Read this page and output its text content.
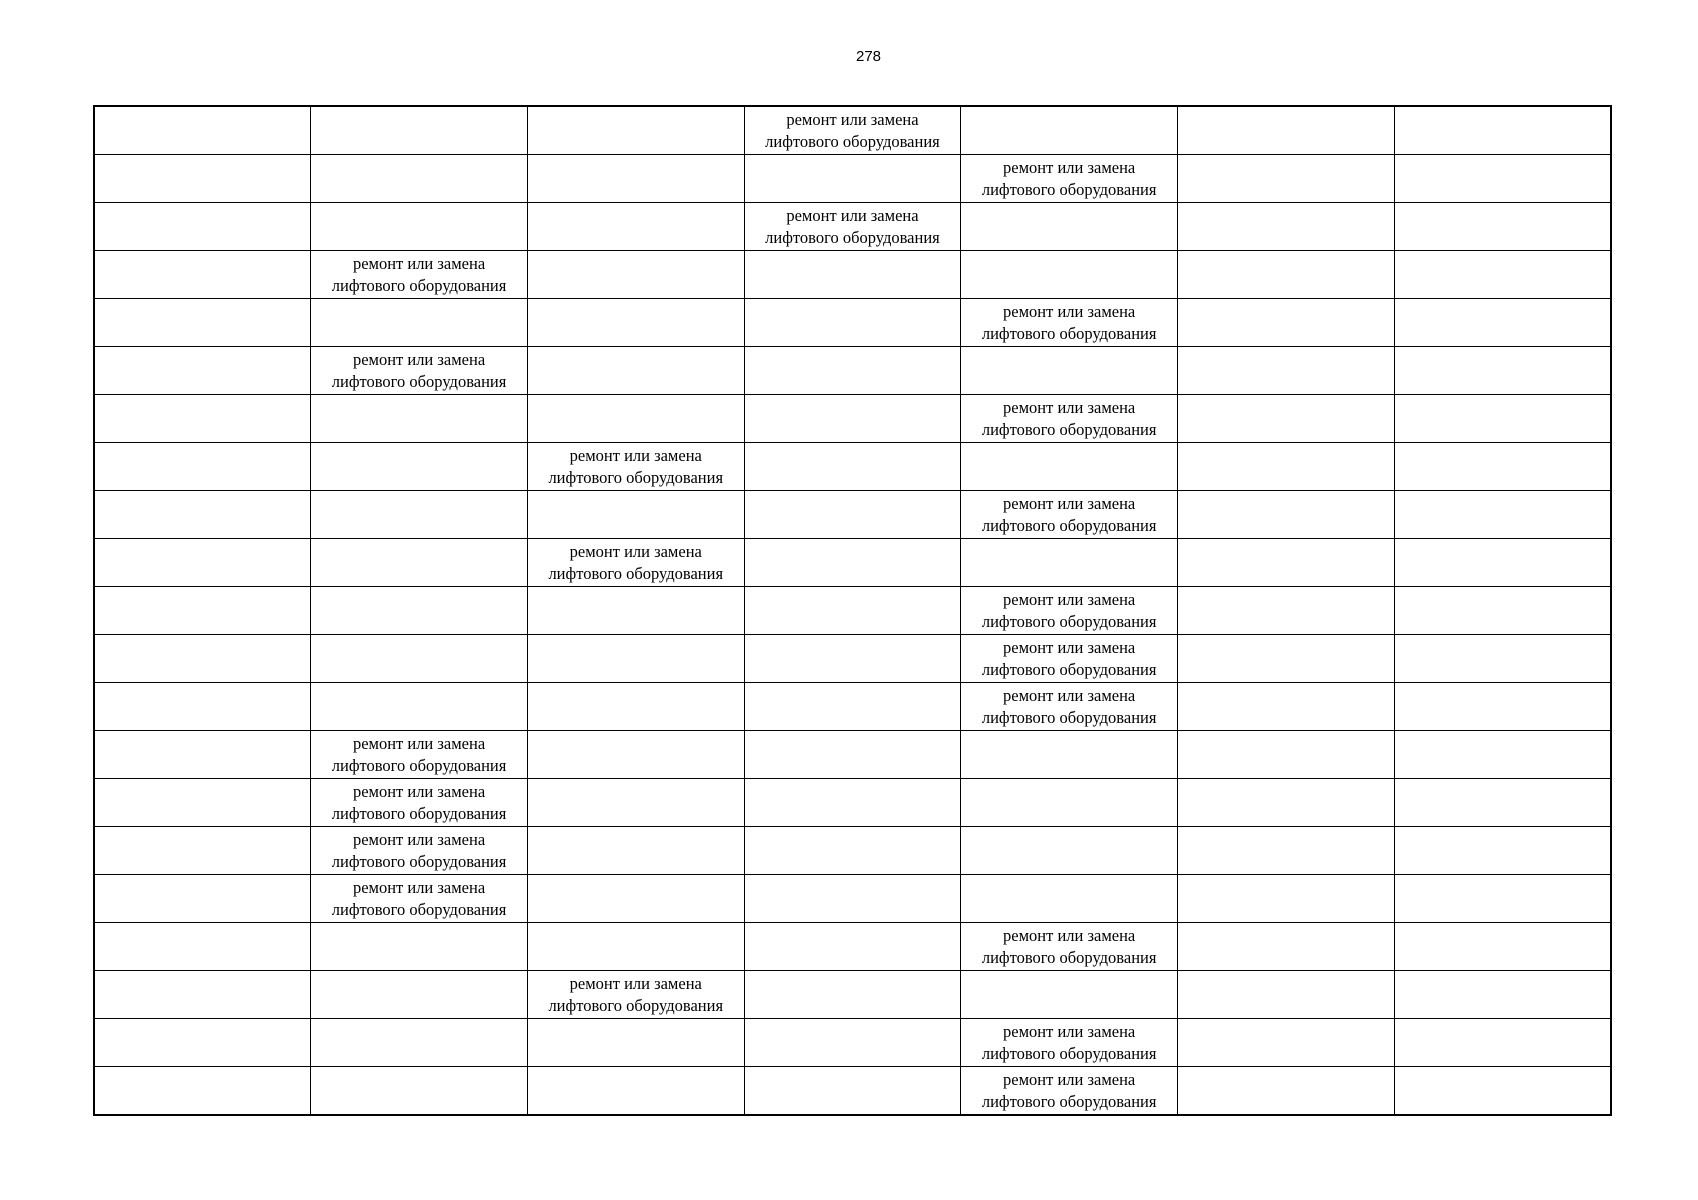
278
			ремонт или замена
лифтового оборудования			
				ремонт или замена
лифтового оборудования		
			ремонт или замена
лифтового оборудования			
	ремонт или замена
лифтового оборудования					
				ремонт или замена
лифтового оборудования		
	ремонт или замена
лифтового оборудования					
				ремонт или замена
лифтового оборудования		
		ремонт или замена
лифтового оборудования				
				ремонт или замена
лифтового оборудования		
		ремонт или замена
лифтового оборудования				
				ремонт или замена
лифтового оборудования		
				ремонт или замена
лифтового оборудования		
				ремонт или замена
лифтового оборудования		
	ремонт или замена
лифтового оборудования					
	ремонт или замена
лифтового оборудования					
	ремонт или замена
лифтового оборудования					
	ремонт или замена
лифтового оборудования					
				ремонт или замена
лифтового оборудования		
		ремонт или замена
лифтового оборудования				
				ремонт или замена
лифтового оборудования		
				ремонт или замена
лифтового оборудования		
